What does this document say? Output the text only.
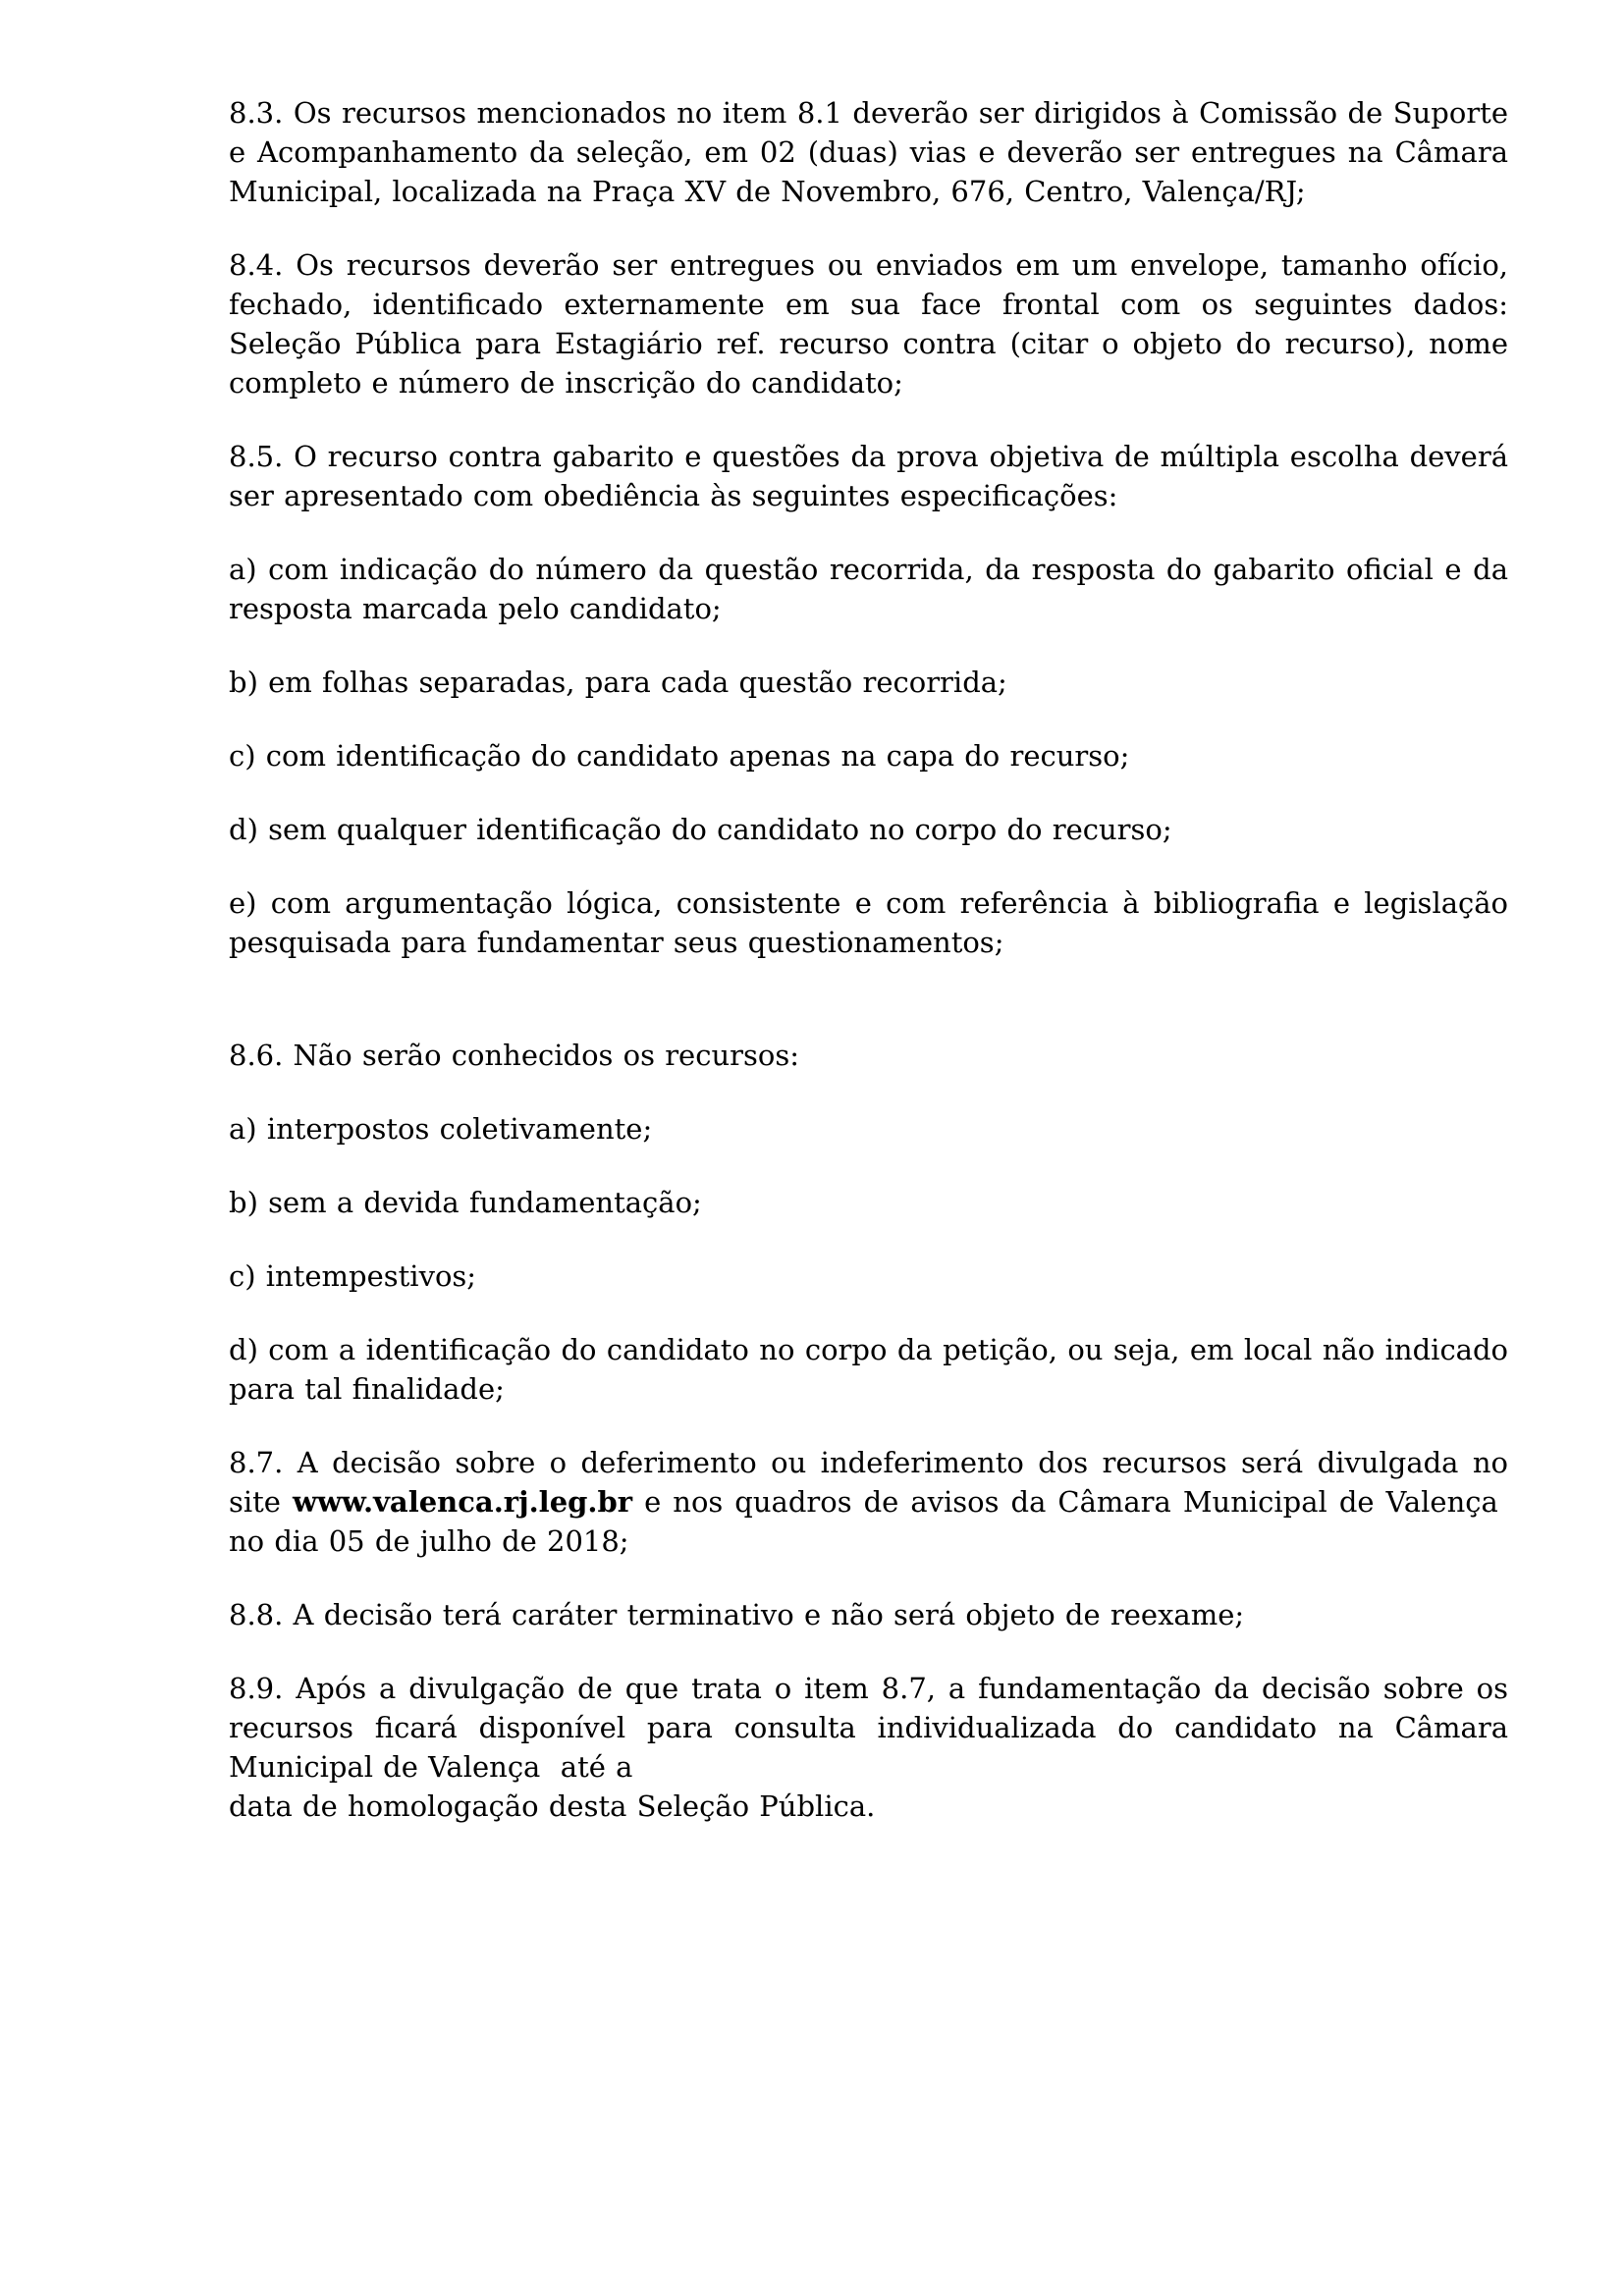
8.3. Os recursos mencionados no item 8.1 deverão ser dirigidos à Comissão de Suporte e Acompanhamento da seleção, em 02 (duas) vias e deverão ser entregues na Câmara Municipal, localizada na Praça XV de Novembro, 676, Centro, Valença/RJ;

8.4. Os recursos deverão ser entregues ou enviados em um envelope, tamanho ofício, fechado, identificado externamente em sua face frontal com os seguintes dados: Seleção Pública para Estagiário ref. recurso contra (citar o objeto do recurso), nome completo e número de inscrição do candidato;

8.5. O recurso contra gabarito e questões da prova objetiva de múltipla escolha deverá ser apresentado com obediência às seguintes especificações:

a) com indicação do número da questão recorrida, da resposta do gabarito oficial e da resposta marcada pelo candidato;

b) em folhas separadas, para cada questão recorrida;

c) com identificação do candidato apenas na capa do recurso;

d) sem qualquer identificação do candidato no corpo do recurso;

e) com argumentação lógica, consistente e com referência à bibliografia e legislação pesquisada para fundamentar seus questionamentos;

8.6. Não serão conhecidos os recursos:

a) interpostos coletivamente;

b) sem a devida fundamentação;

c) intempestivos;

d) com a identificação do candidato no corpo da petição, ou seja, em local não indicado para tal finalidade;

8.7. A decisão sobre o deferimento ou indeferimento dos recursos será divulgada no site www.valenca.rj.leg.br e nos quadros de avisos da Câmara Municipal de Valença  no dia 05 de julho de 2018;

8.8. A decisão terá caráter terminativo e não será objeto de reexame;

8.9. Após a divulgação de que trata o item 8.7, a fundamentação da decisão sobre os recursos ficará disponível para consulta individualizada do candidato na Câmara Municipal de Valença  até a
data de homologação desta Seleção Pública.
